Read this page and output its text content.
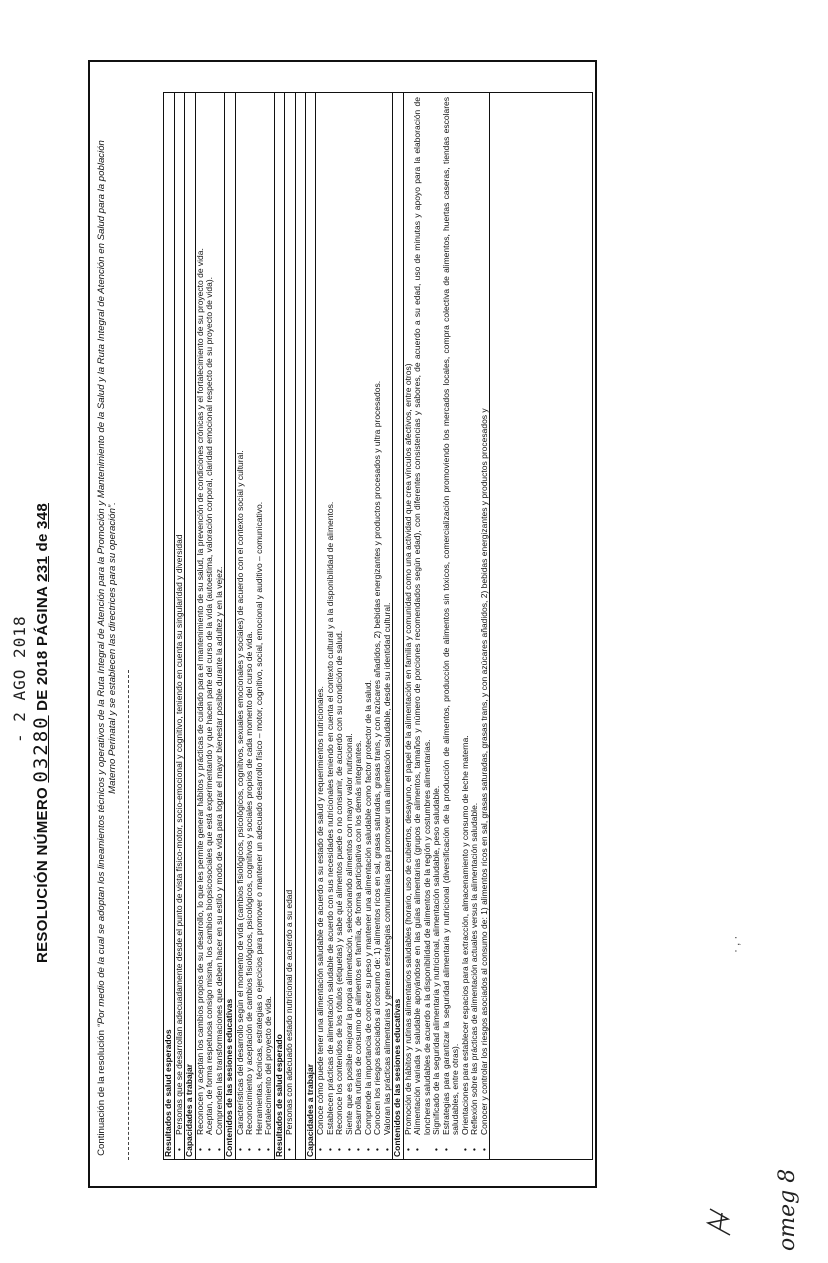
- 2 AGO 2018
RESOLUCIÓN NÚMERO 03280 DE 2018 PÁGINA 231 de 348
Continuación de la resolución “Por medio de la cual se adoptan los lineamientos técnicos y operativos de la Ruta Integral de Atención para la Promoción y Mantenimiento de la Salud y la Ruta Integral de Atención en Salud para la población Materno Perinatal y se establecen las directrices para su operación”.
Resultados de salud esperados • Personas que se desarrollan adecuadamente desde el punto de vista físico-motor, socio-emocional y cognitivo, teniendo en cuenta su singularidad y diversidad Capacidades a trabajar • Reconocen y aceptan los cambios propios de su desarrollo, lo que les permite generar hábitos y prácticas de cuidado para el mantenimiento de su salud, la prevención de condiciones crónicas y el fortalecimiento de su proyecto de vida. • Aceptan, de forma respetuosa consigo misma, los cambios biopsicosociales que está experimentando y que hacen parte del curso de la vida (autoestima, valoración corporal, claridad emocional respecto de su proyecto de vida). • Comprenden las transformaciones que deben hacer en su estilo y modo de vida para lograr el mayor bienestar posible durante la adultez y en la vejez. Contenidos de las sesiones educativas • Características del desarrollo según el momento de vida (cambios fisiológicos, psicológicos, cognitivos, sexuales emocionales y sociales) de acuerdo con el contexto social y cultural. • Reconocimiento y aceptación de cambios fisiológicos, psicológicos, cognitivos y sociales propios de cada momento del curso de vida. • Herramientas, técnicas, estrategias o ejercicios para promover o mantener un adecuado desarrollo físico – motor, cognitivo, social, emocional y auditivo – comunicativo. • Fortalecimiento del proyecto de vida. Resultados de salud esperado • Personas con adecuado estado nutricional de acuerdo a su edad Capacidades a trabajar • Conoce cómo puede tener una alimentación saludable de acuerdo a su estado de salud y requerimientos nutricionales. • Establecen prácticas de alimentación saludable de acuerdo con sus necesidades nutricionales teniendo en cuenta el contexto cultural y a la disponibilidad de alimentos. • Reconoce los contenidos de los rótulos (etiquetas) y sabe qué alimentos puede o no consumir, de acuerdo con su condición de salud. • Siente que es posible mejorar la propia alimentación, seleccionando alimentos con mayor valor nutricional. • Desarrolla rutinas de consumo de alimentos en familia, de forma participativa con los demás integrantes. • Comprende la importancia de conocer su peso y mantener una alimentación saludable como factor protector de la salud. • Conocen los riesgos asociados al consumo de: 1) alimentos ricos en sal, grasas saturadas, grasas trans, y con azúcares añadidos, 2) bebidas energizantes y productos procesados y ultra procesados. • Valoran las prácticas alimentarias y generan estrategias comunitarias para promover una alimentación saludable, desde su identidad cultural. Contenidos de las sesiones educativas • Promoción de hábitos y rutinas alimentarios saludables (horario, uso de cubiertos, desayuno, el papel de la alimentación en familia y comunidad como una actividad que crea vínculos afectivos, entre otros) • Alimentación variada y saludable apoyándose en las guías alimentarias (grupos de alimentos, tamaños y número de porciones recomendados según edad), con diferentes consistencias y sabores, de acuerdo a su edad, uso de minutas y apoyo para la elaboración de loncheras saludables de acuerdo a la disponibilidad de alimentos de la región y costumbres alimentarias. • Significado de la seguridad alimentaria y nutricional, alimentación saludable, peso saludable. • Estrategias para garantizar la seguridad alimentaria y nutricional (diversificación de la producción de alimentos, producción de alimentos sin tóxicos, comercialización promoviendo los mercados locales, compra colectiva de alimentos, huertas caseras, tiendas escolares saludables, entre otras). • Orientaciones para establecer espacios para la extracción, almacenamiento y consumo de leche materna. • Reflexión sobre las prácticas de alimentación actuales versus la alimentación saludable. • Conocer y controlar los riesgos asociados al consumo de: 1) alimentos ricos en sal, grasas saturadas, grasas trans, y con azúcares añadidos, 2) bebidas energizantes y productos procesados y	· ‚ ·
omeg 8
